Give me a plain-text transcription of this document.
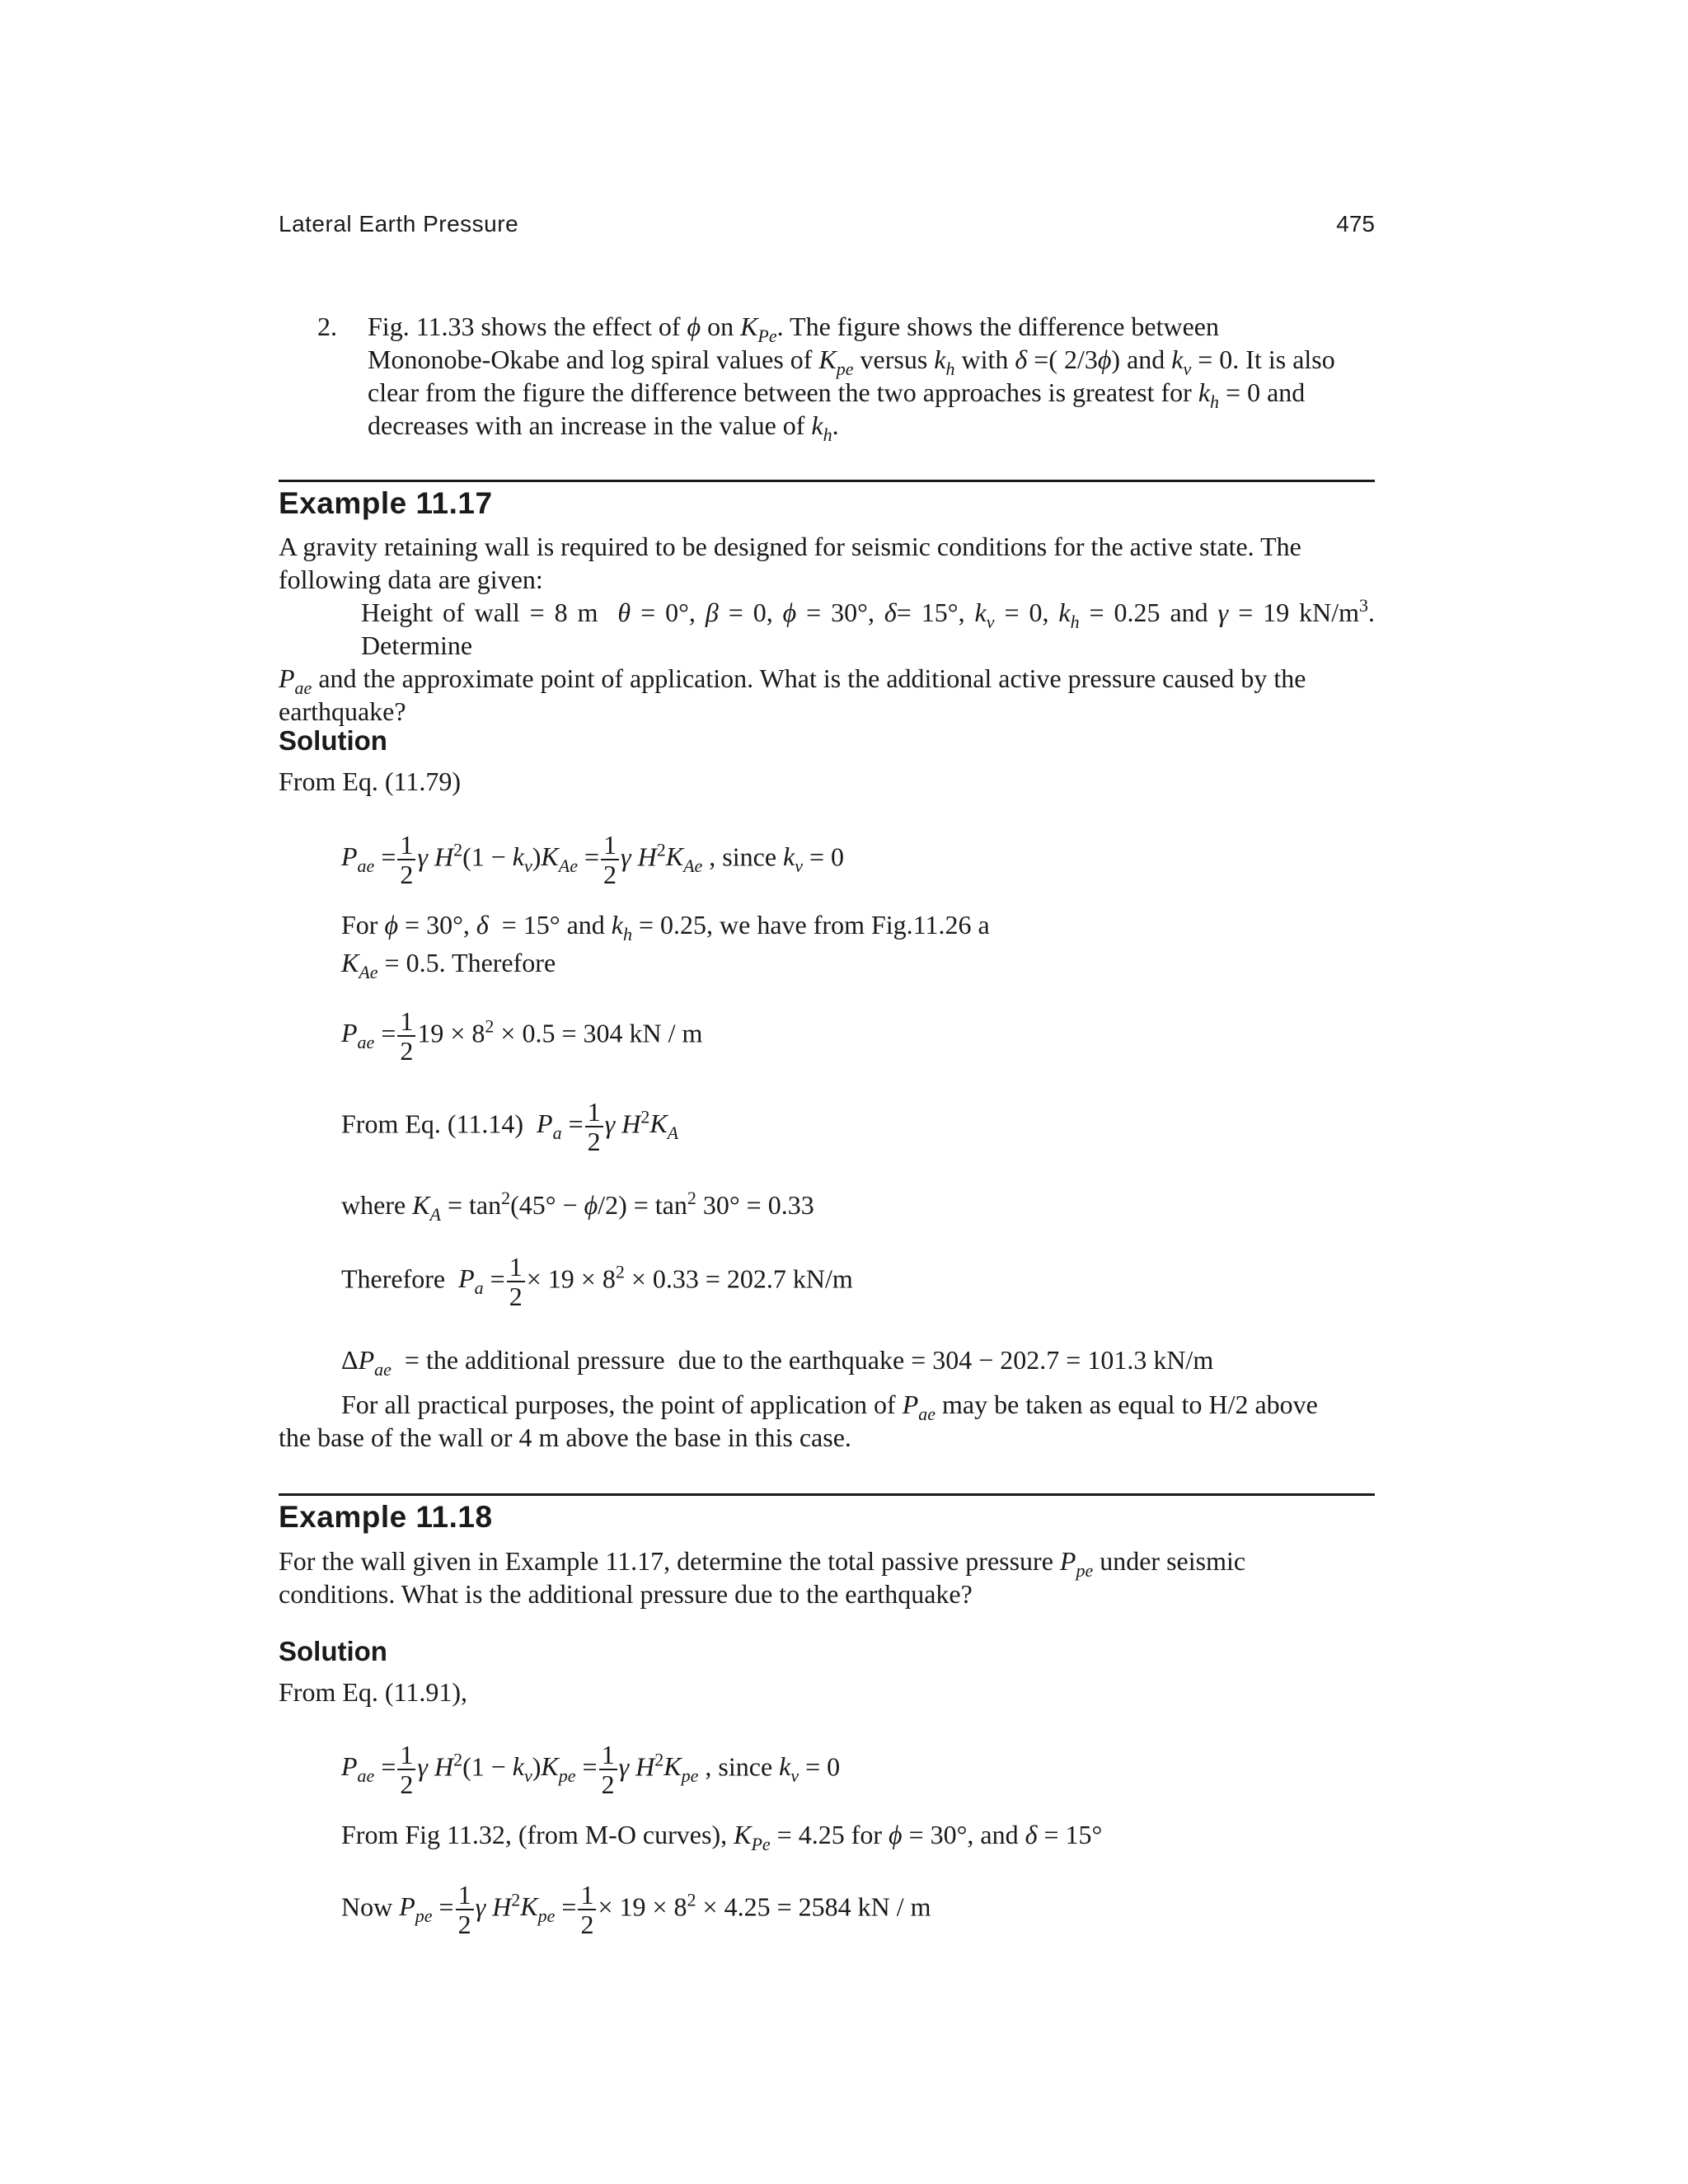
Lateral Earth Pressure	475
2. Fig. 11.33 shows the effect of ϕ on $K_{Pe}$. The figure shows the difference between
Mononobe-Okabe and log spiral values of $K_{pe}$ versus $k_h$ with δ =( 2/3ϕ) and $k_v = 0$. It is also
clear from the figure the difference between the two approaches is greatest for $k_h = 0$ and
decreases with an increase in the value of $k_h$.
Example 11.17
A gravity retaining wall is required to be designed for seismic conditions for the active state. The
following data are given:
Height of wall = 8 m  θ = 0°, β = 0, ϕ = 30°, δ= 15°, $k_v = 0$, $k_h = 0.25$ and γ = 19 $kN/m^3$. Determine
$P_{ae}$ and the approximate point of application. What is the additional active pressure caused by the
earthquake?
Solution
From Eq. (11.79)
$P_{ae} = \frac{1}{2}$ γ $H^2(1 - k_v)K_{Ae} = \frac{1}{2}$ γ $H^2K_{Ae}$ , since $k_v = 0$
For ϕ = 30°, δ  = 15° and $k_h = 0.25$, we have from Fig.11.26 a
$K_{Ae} = 0.5$. Therefore
$P_{ae} = \frac{1}{2} 19 \times 8^2 \times 0.5 = 304$ kN / m
From Eq. (11.14)  $P_a = \frac{1}{2}$ γ $H^2K_A$
where $K_A = \tan^2(45^\circ - \phi/2) = \tan^2 30^\circ = 0.33$
Therefore  $P_a = \frac{1}{2} \times 19 \times 8^2 \times 0.33 = 202.7$ kN/m
$\Delta P_{ae}$  = the additional pressure  due to the earthquake = 304 − 202.7 = 101.3 kN/m
For all practical purposes, the point of application of $P_{ae}$ may be taken as equal to H/2 above
the base of the wall or 4 m above the base in this case.
Example 11.18
For the wall given in Example 11.17, determine the total passive pressure $P_{pe}$ under seismic
conditions. What is the additional pressure due to the earthquake?
Solution
From Eq. (11.91),
$P_{ae} = \frac{1}{2}$ γ $H^2(1 - k_v)K_{pe} = \frac{1}{2}$ γ $H^2K_{pe}$ , since $k_v = 0$
From Fig 11.32, (from M-O curves), $K_{Pe} = 4.25$ for ϕ = 30°, and δ = 15°
Now $P_{pe} = \frac{1}{2}$ γ $H^2K_{pe} = \frac{1}{2} \times 19 \times 8^2 \times 4.25 = 2584$ kN / m
